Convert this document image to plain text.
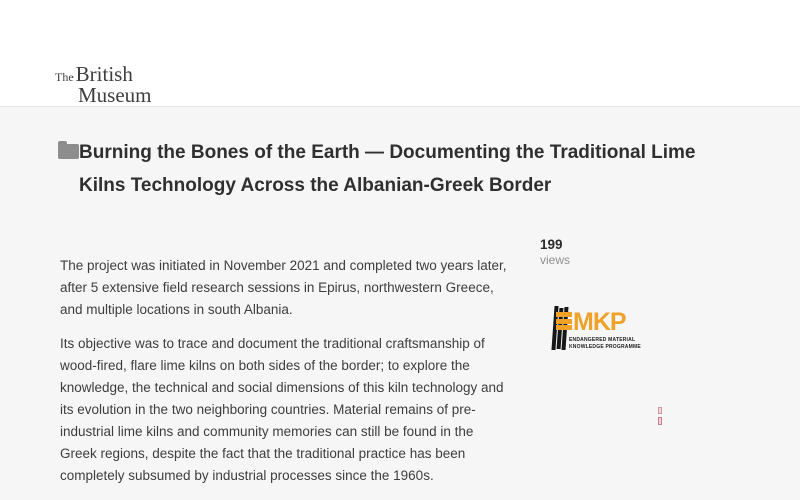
The British
Museum
Burning the Bones of the Earth — Documenting the Traditional Lime Kilns Technology Across the Albanian-Greek Border

The project was initiated in November 2021 and completed two years later, after 5 extensive field research sessions in Epirus, northwestern Greece, and multiple locations in south Albania.

Its objective was to trace and document the traditional craftsmanship of wood-fired, flare lime kilns on both sides of the border; to explore the knowledge, the technical and social dimensions of this kiln technology and its evolution in the two neighboring countries. Material remains of pre-industrial lime kilns and community memories can still be found in the Greek regions, despite the fact that the traditional practice has been completely subsumed by industrial processes since the 1960s.

199
views
MKP
ENDANGERED MATERIAL
KNOWLEDGE PROGRAMME
